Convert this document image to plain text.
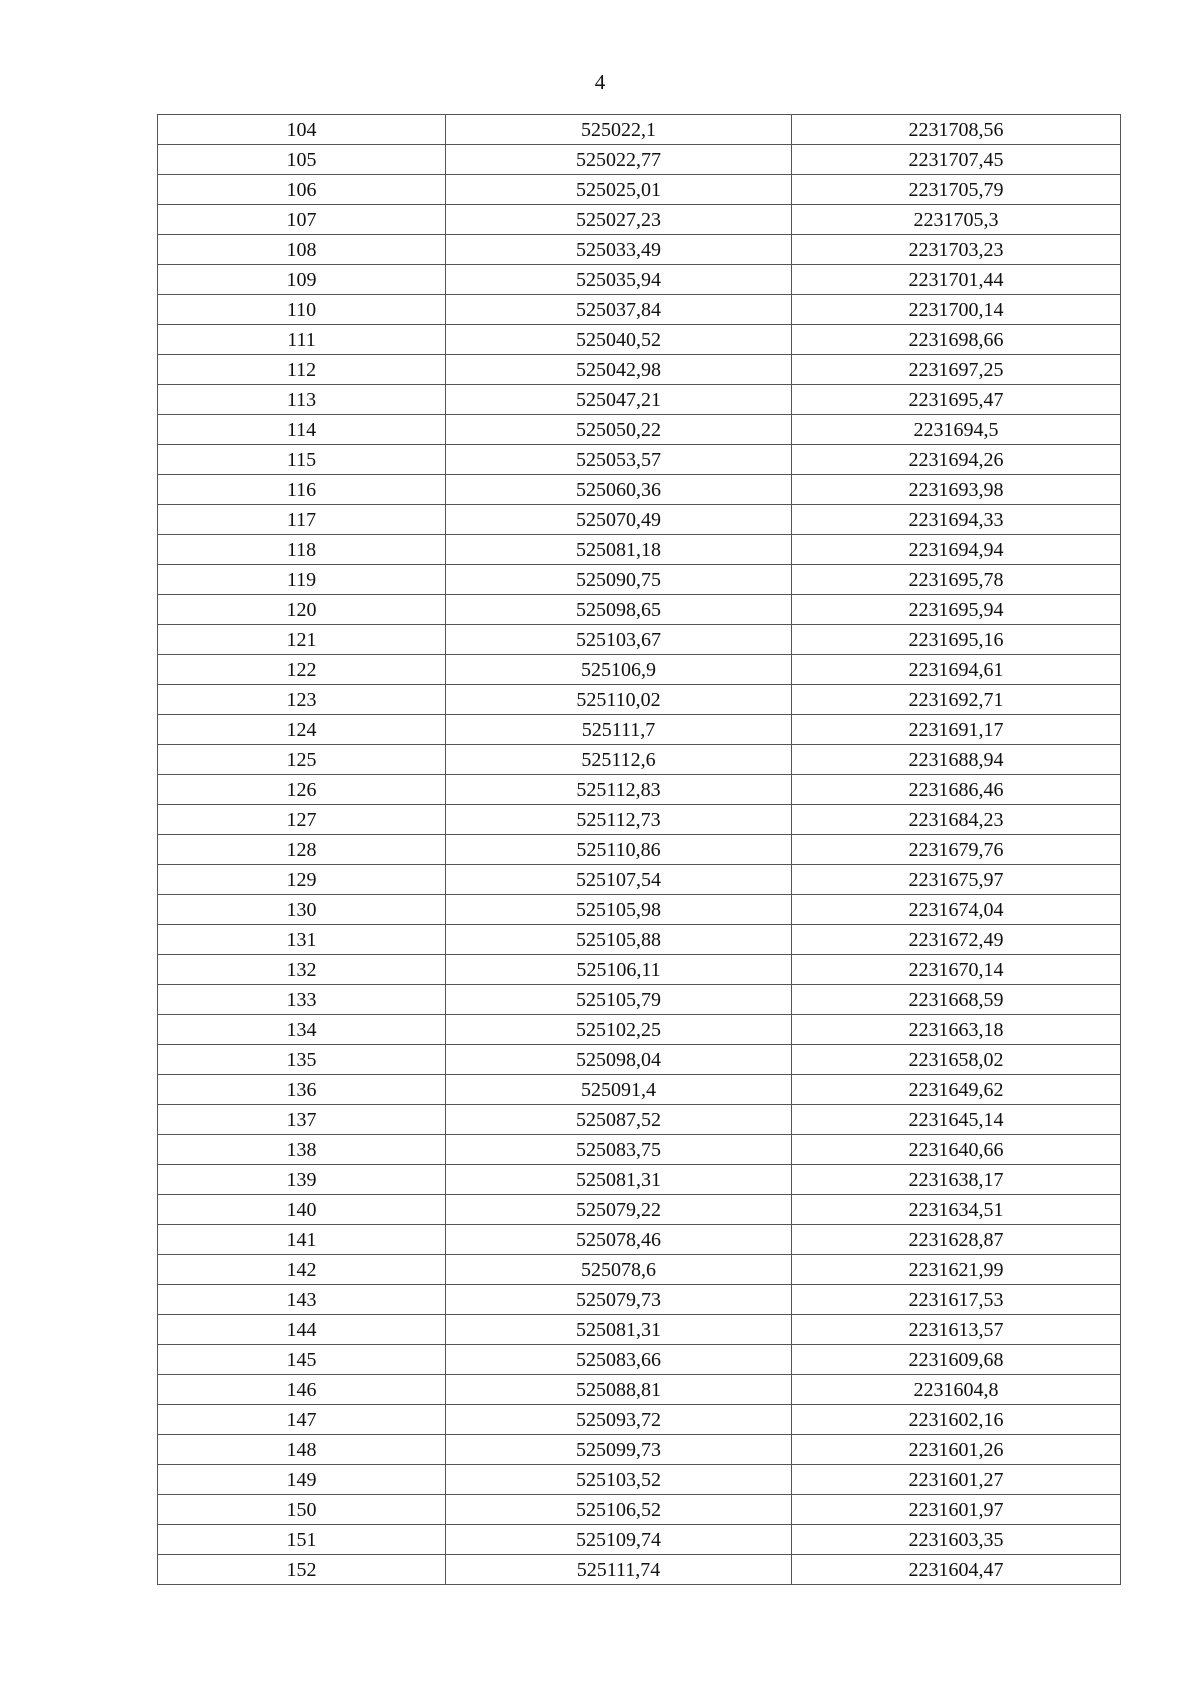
4
104	525022,1	2231708,56
105	525022,77	2231707,45
106	525025,01	2231705,79
107	525027,23	2231705,3
108	525033,49	2231703,23
109	525035,94	2231701,44
110	525037,84	2231700,14
111	525040,52	2231698,66
112	525042,98	2231697,25
113	525047,21	2231695,47
114	525050,22	2231694,5
115	525053,57	2231694,26
116	525060,36	2231693,98
117	525070,49	2231694,33
118	525081,18	2231694,94
119	525090,75	2231695,78
120	525098,65	2231695,94
121	525103,67	2231695,16
122	525106,9	2231694,61
123	525110,02	2231692,71
124	525111,7	2231691,17
125	525112,6	2231688,94
126	525112,83	2231686,46
127	525112,73	2231684,23
128	525110,86	2231679,76
129	525107,54	2231675,97
130	525105,98	2231674,04
131	525105,88	2231672,49
132	525106,11	2231670,14
133	525105,79	2231668,59
134	525102,25	2231663,18
135	525098,04	2231658,02
136	525091,4	2231649,62
137	525087,52	2231645,14
138	525083,75	2231640,66
139	525081,31	2231638,17
140	525079,22	2231634,51
141	525078,46	2231628,87
142	525078,6	2231621,99
143	525079,73	2231617,53
144	525081,31	2231613,57
145	525083,66	2231609,68
146	525088,81	2231604,8
147	525093,72	2231602,16
148	525099,73	2231601,26
149	525103,52	2231601,27
150	525106,52	2231601,97
151	525109,74	2231603,35
152	525111,74	2231604,47
